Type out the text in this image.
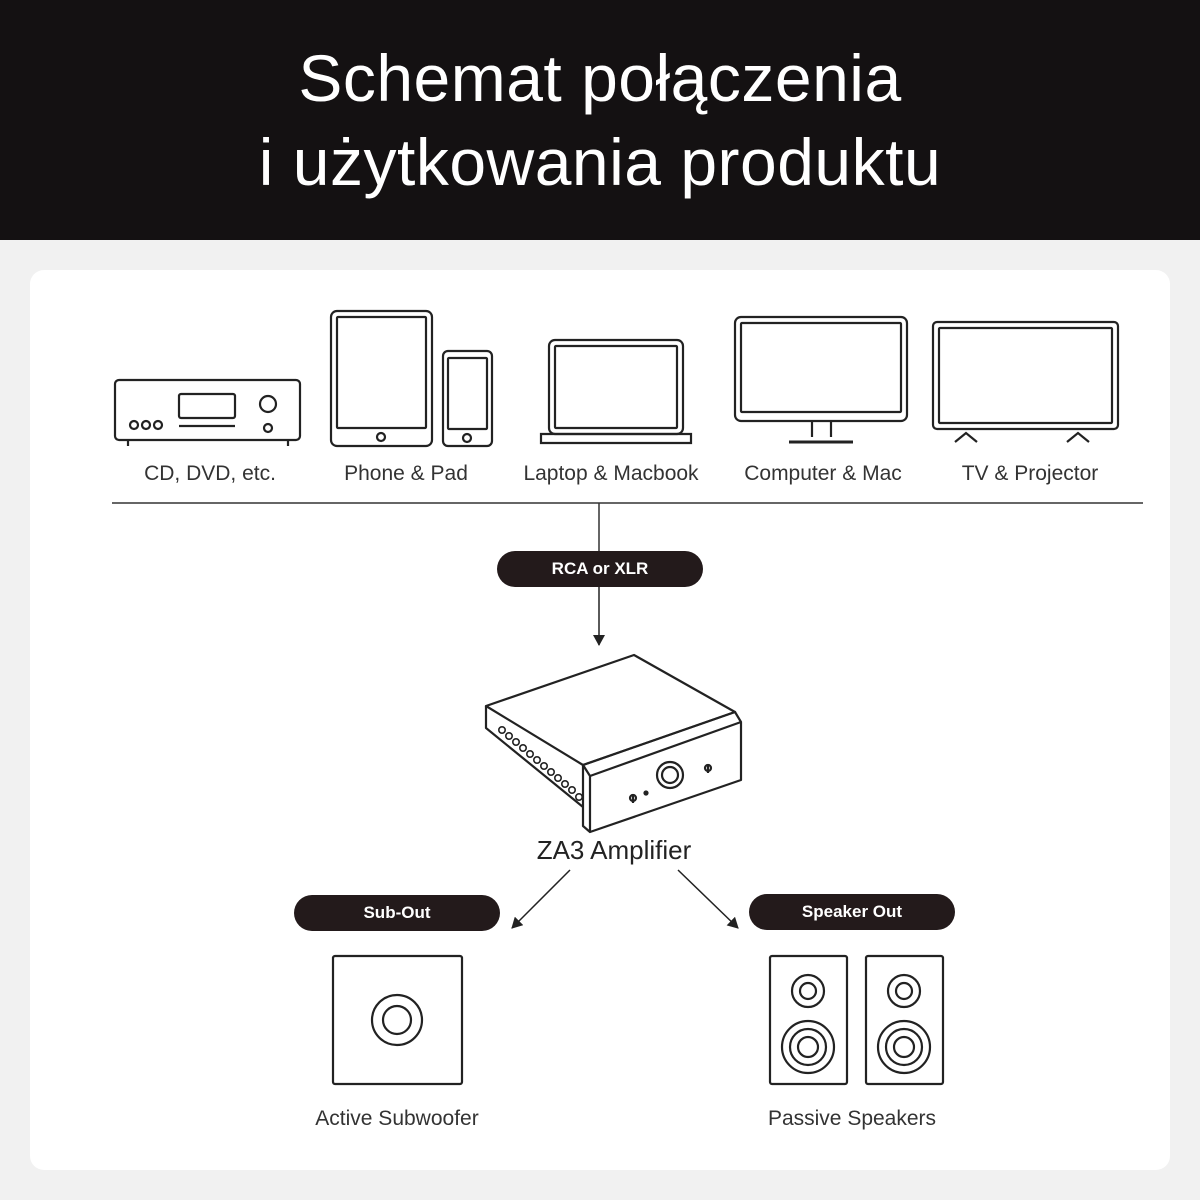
Schemat połączenia
i użytkowania produktu
CD, DVD, etc.	Phone & Pad	Laptop & Macbook Computer & Mac	TV & Projector
RCA or XLR
Sub-Out	Speaker Out
ZA3 Amplifier
Active Subwoofer	Passive Speakers
